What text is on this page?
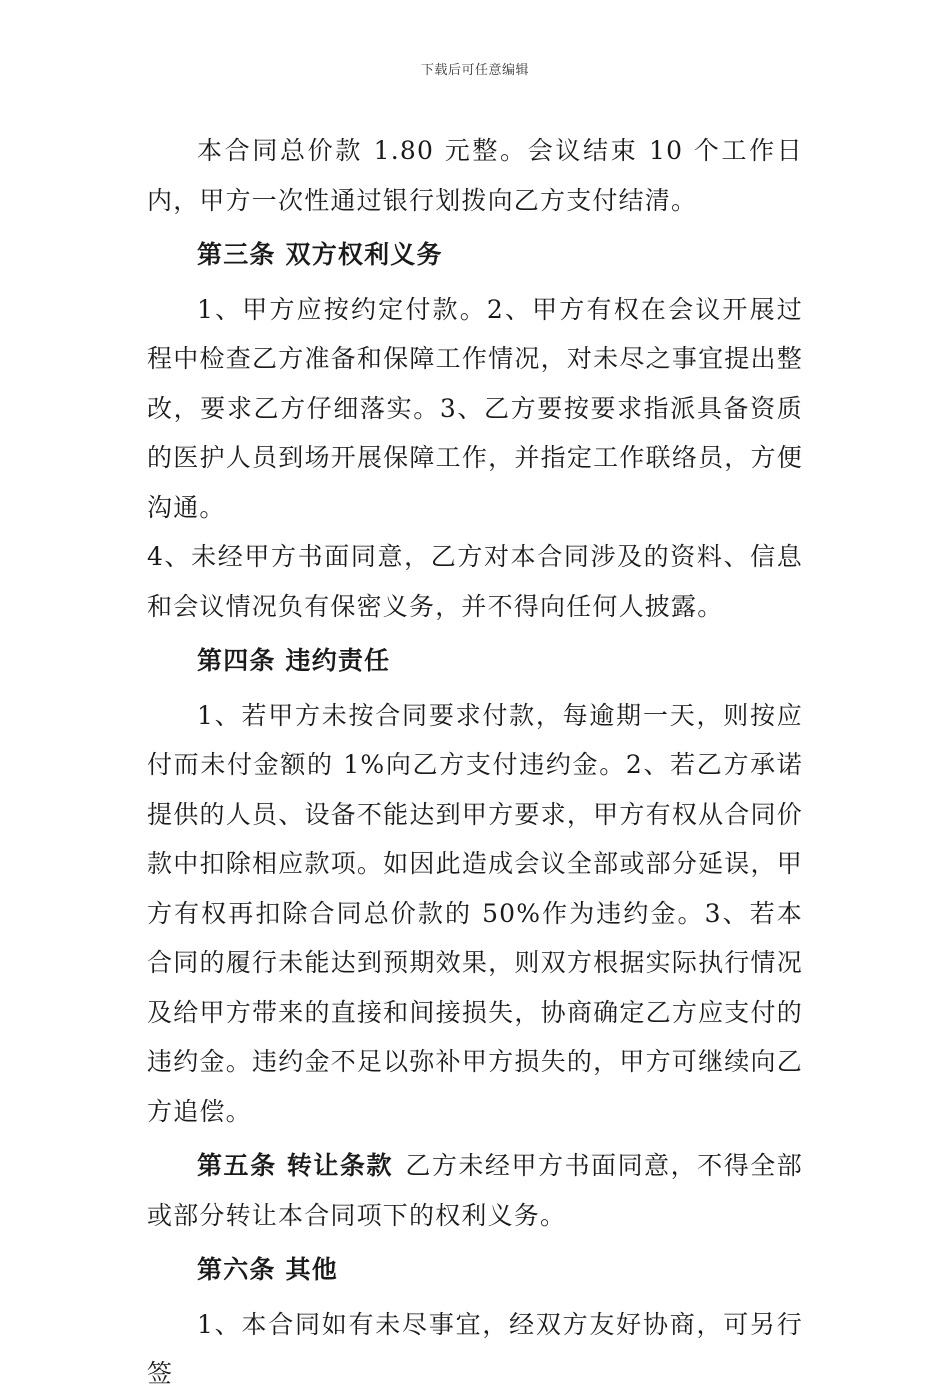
下载后可任意编辑

本合同总价款 1.80 元整。会议结束 10 个工作日内，甲方一次性通过银行划拨向乙方支付结清。

第三条 双方权利义务

1、甲方应按约定付款。2、甲方有权在会议开展过程中检查乙方准备和保障工作情况，对未尽之事宜提出整改，要求乙方仔细落实。3、乙方要按要求指派具备资质的医护人员到场开展保障工作，并指定工作联络员，方便沟通。

4、未经甲方书面同意，乙方对本合同涉及的资料、信息和会议情况负有保密义务，并不得向任何人披露。

第四条 违约责任

1、若甲方未按合同要求付款，每逾期一天，则按应付而未付金额的 1%向乙方支付违约金。2、若乙方承诺提供的人员、设备不能达到甲方要求，甲方有权从合同价款中扣除相应款项。如因此造成会议全部或部分延误，甲方有权再扣除合同总价款的 50%作为违约金。3、若本合同的履行未能达到预期效果，则双方根据实际执行情况及给甲方带来的直接和间接损失，协商确定乙方应支付的违约金。违约金不足以弥补甲方损失的，甲方可继续向乙方追偿。

第五条 转让条款 乙方未经甲方书面同意，不得全部或部分转让本合同项下的权利义务。

第六条 其他

1、本合同如有未尽事宜，经双方友好协商，可另行签
